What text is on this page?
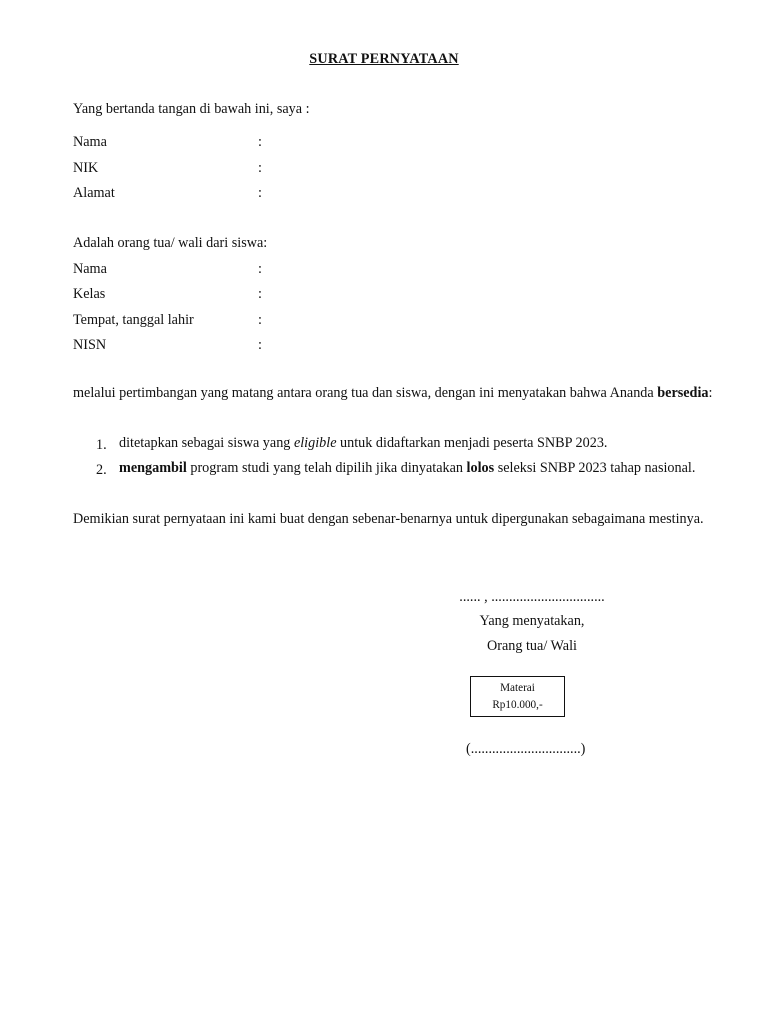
SURAT PERNYATAAN
Yang bertanda tangan di bawah ini, saya :
Nama	:
NIK	:
Alamat	:
Adalah orang tua/ wali dari siswa:
Nama	:
Kelas	:
Tempat, tanggal lahir	:
NISN	:
melalui pertimbangan yang matang antara orang tua dan siswa, dengan ini menyatakan bahwa Ananda bersedia:
1. ditetapkan sebagai siswa yang eligible untuk didaftarkan menjadi peserta SNBP 2023.
2. mengambil program studi yang telah dipilih jika dinyatakan lolos seleksi SNBP 2023 tahap nasional.
Demikian surat pernyataan ini kami buat dengan sebenar-benarnya untuk dipergunakan sebagaimana mestinya.
...... , ................................
Yang menyatakan,
Orang tua/ Wali
Materai
Rp10.000,-
(...............................)
